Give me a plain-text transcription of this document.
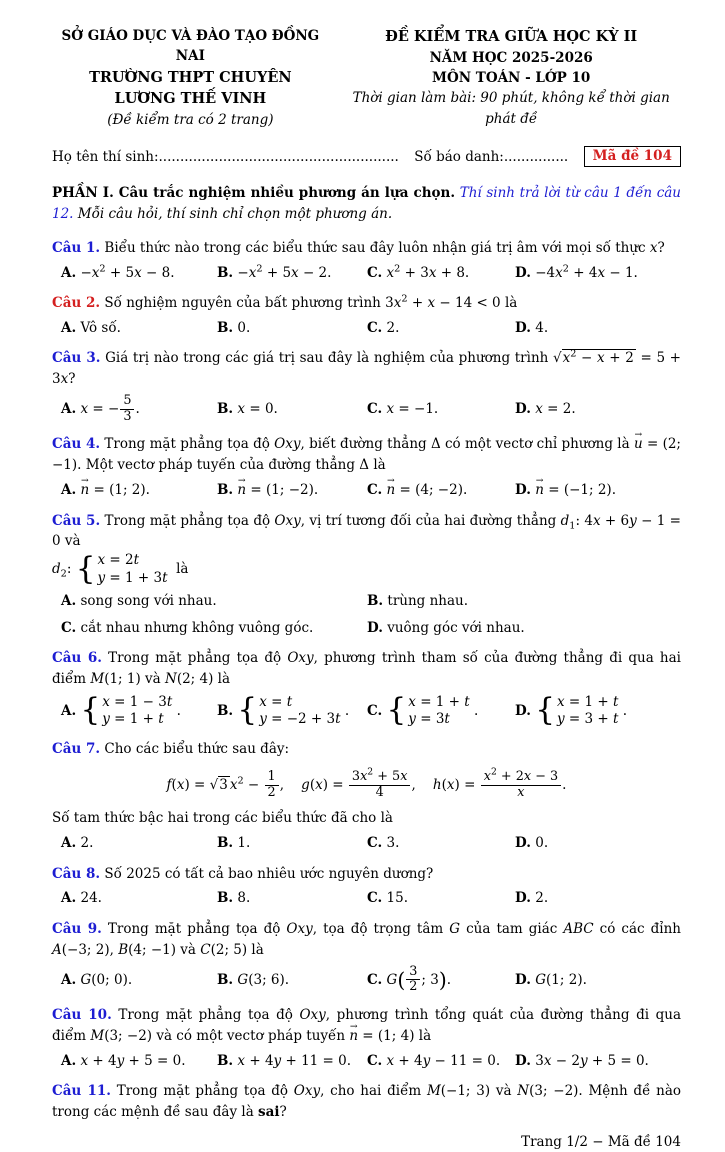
SỞ GIÁO DỤC VÀ ĐÀO TẠO ĐỒNG NAI
TRƯỜNG THPT CHUYÊN
LƯƠNG THẾ VINH
(Đề kiểm tra có 2 trang)
ĐỀ KIỂM TRA GIỮA HỌC KỲ II
NĂM HỌC 2025-2026
MÔN TOÁN - LỚP 10
Thời gian làm bài: 90 phút, không kể thời gian phát đề
Họ tên thí sinh:........................................................ Số báo danh:...............	Mã đề 104

PHẦN I. Câu trắc nghiệm nhiều phương án lựa chọn. Thí sinh trả lời từ câu 1 đến câu 12. Mỗi câu hỏi, thí sinh chỉ chọn một phương án.

Câu 1. Biểu thức nào trong các biểu thức sau đây luôn nhận giá trị âm với mọi số thực x?

A. $-x^2 + 5x - 8$.	B. $-x^2 + 5x - 2$.	C. $x^2 + 3x + 8$.	D. $-4x^2 + 4x - 1$.

Câu 2. Số nghiệm nguyên của bất phương trình $3x^2 + x - 14 < 0$ là

A. Vô số.	B. 0.	C. 2.	D. 4.

Câu 3. Giá trị nào trong các giá trị sau đây là nghiệm của phương trình $√x^2 - x + 2 = 5 + 3x$?

A. x = − $\frac{5}{3}$ .	B. x = 0.	C. x = −1.	D. x = 2.

Câu 4. Trong mặt phẳng tọa độ Oxy, biết đường thẳng Δ có một vectơ chỉ phương là u → = (2; −1). Một vectơ pháp tuyến của đường thẳng Δ là

A. n → = (1; 2).	B. n → = (1; −2).	C. n → = (4; −2).	D. n → = (−1; 2).

Câu 5. Trong mặt phẳng tọa độ Oxy, vị trí tương đối của hai đường thẳng $d_1$: 4x + 6y − 1 = 0 và
$d_2$: { x = 2t
y = 1 + 3t
là

A. song song với nhau.	B. trùng nhau.
C. cắt nhau nhưng không vuông góc.	D. vuông góc với nhau.

Câu 6. Trong mặt phẳng tọa độ Oxy, phương trình tham số của đường thẳng đi qua hai điểm M(1; 1) và N(2; 4) là

A. { x = 1 − 3t
y = 1 + t
.	B. { x = t
y = −2 + 3t
.	C. { x = 1 + t
y = 3t
.	D. { x = 1 + t
y = 3 + t
.

Câu 7. Cho các biểu thức sau đây:

f(x) = √3 $x^2 - \frac{1}{2}$ ,    $g(x) = \frac{3x^2 + 5x}{4}$ ,    $h(x) = \frac{x^2 + 2x - 3}{x}$ .

Số tam thức bậc hai trong các biểu thức đã cho là

A. 2.	B. 1.	C. 3.	D. 0.

Câu 8. Số 2025 có tất cả bao nhiêu ước nguyên dương?

A. 24.	B. 8.	C. 15.	D. 2.

Câu 9. Trong mặt phẳng tọa độ Oxy, tọa độ trọng tâm G của tam giác ABC có các đỉnh A(−3; 2), B(4; −1) và C(2; 5) là

A. G(0; 0).	B. G(3; 6).	C. $G( \frac{3}{2}$ ; 3).	D. G(1; 2).

Câu 10. Trong mặt phẳng tọa độ Oxy, phương trình tổng quát của đường thẳng đi qua điểm M(3; −2) và có một vectơ pháp tuyến n → = (1; 4) là

A. x + 4y + 5 = 0.	B. x + 4y + 11 = 0.	C. x + 4y − 11 = 0.	D. 3x − 2y + 5 = 0.

Câu 11. Trong mặt phẳng tọa độ Oxy, cho hai điểm M(−1; 3) và N(3; −2). Mệnh đề nào trong các mệnh đề sau đây là sai?

Trang 1/2 − Mã đề 104
